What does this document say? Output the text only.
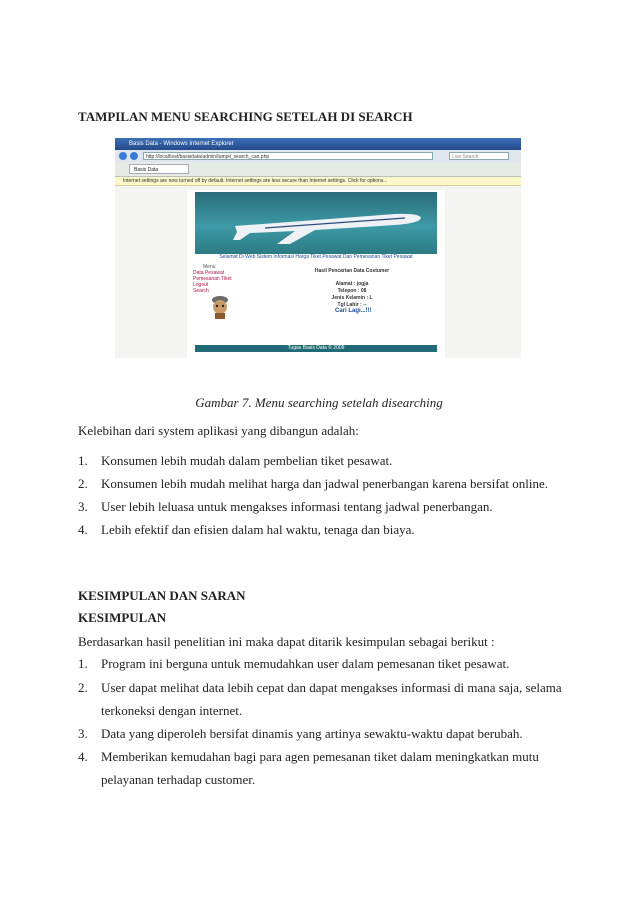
TAMPILAN MENU SEARCHING SETELAH DI SEARCH
Basis Data - Windows Internet Explorer
http://localhost/basisdata/admin/tampil_search_cari.php	Live Search
Basis Data
Internet settings are now turned off by default. Internet settings are less secure than Internet settings. Click for options...
Selamat Di Web Sistem Informasi Harga Tiket Pesawat Dan Pemesanan Tiket Pesawat
Menu
Data Pesawat
Pemesanan Tiket
Logout
Search
Hasil Pencarian Data Costumer
Alamat : jogja
Telepon : 08
Jenis Kelamin : L
Tgl Lahir : --
Cari Lagi...!!!
Tugas Basis Data © 2009
Gambar 7. Menu searching setelah disearching
Kelebihan dari system aplikasi yang dibangun adalah:
1. Konsumen lebih mudah dalam pembelian tiket pesawat.
2. Konsumen lebih mudah melihat harga dan jadwal penerbangan karena bersifat online.
3. User lebih leluasa untuk mengakses informasi tentang jadwal penerbangan.
4. Lebih efektif dan efisien dalam hal waktu, tenaga dan biaya.
KESIMPULAN DAN SARAN
KESIMPULAN
Berdasarkan hasil penelitian ini maka dapat ditarik kesimpulan sebagai berikut :
1. Program ini berguna untuk memudahkan user dalam pemesanan tiket pesawat.
2. User dapat melihat data lebih cepat dan dapat mengakses informasi di mana saja, selama
terkoneksi dengan internet.
3. Data yang diperoleh bersifat dinamis yang artinya sewaktu-waktu dapat berubah.
4. Memberikan kemudahan bagi para agen pemesanan tiket dalam meningkatkan mutu
pelayanan terhadap customer.
